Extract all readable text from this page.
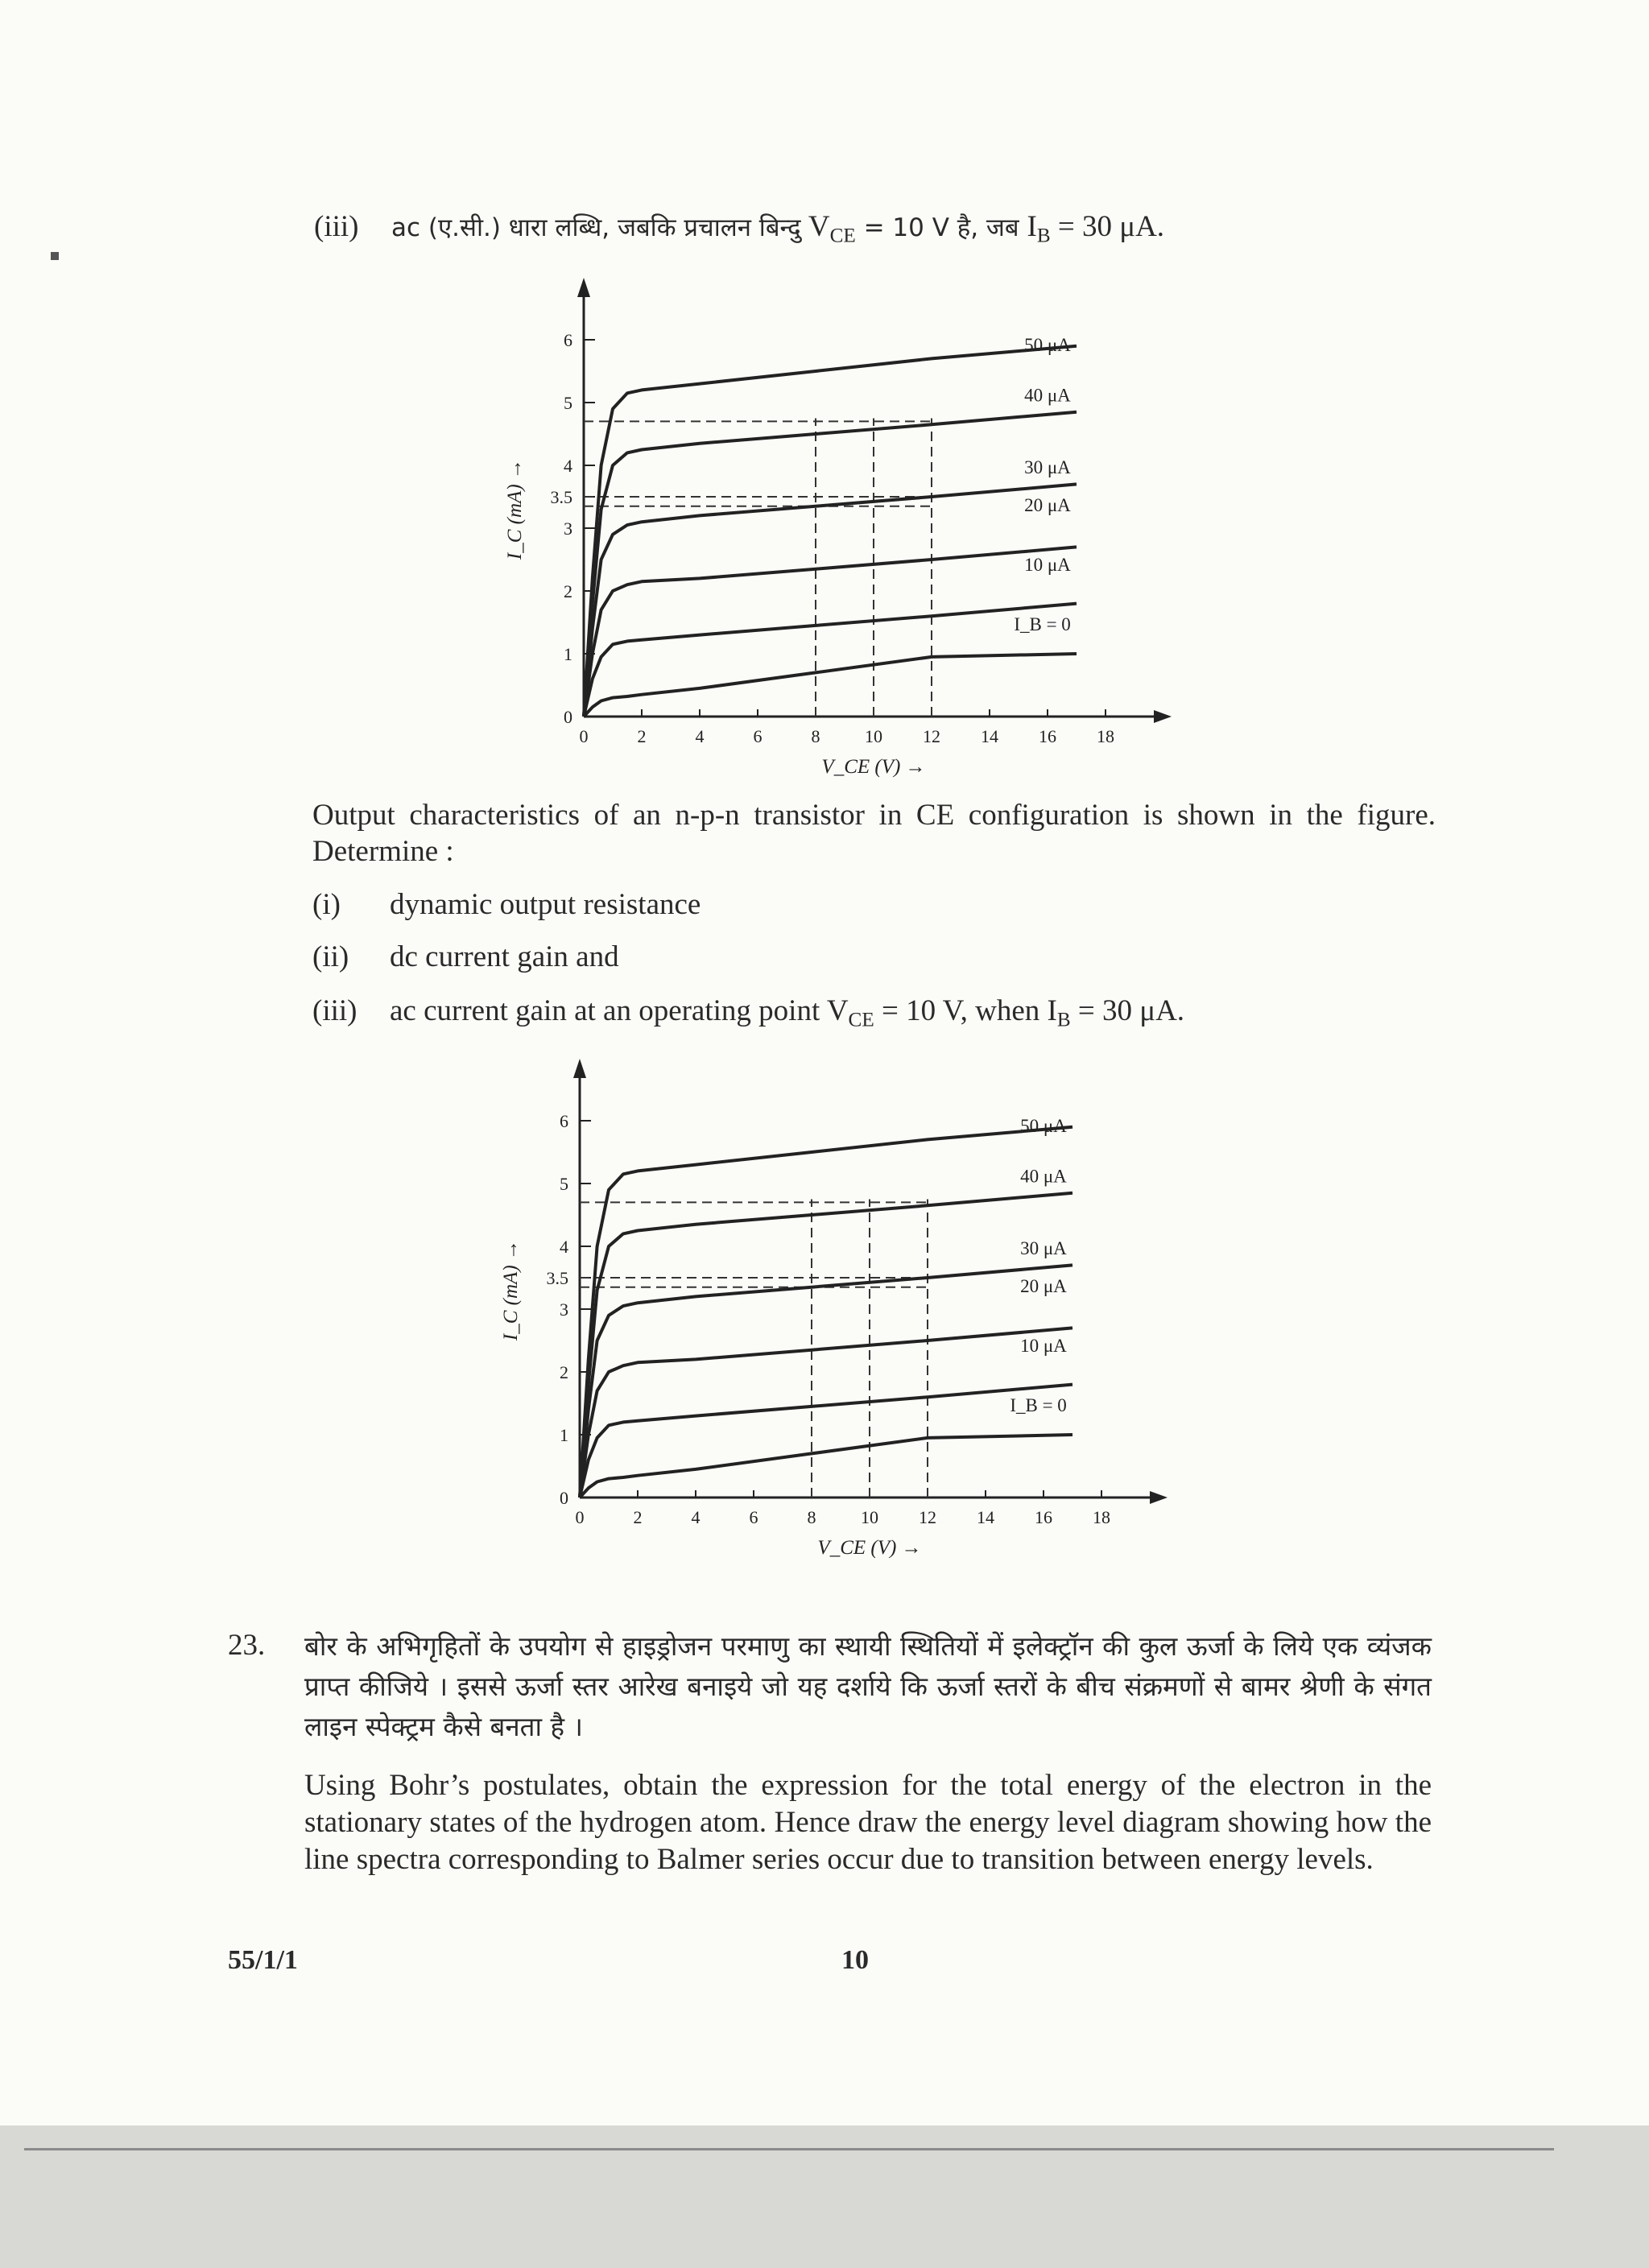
(iii) ac (ए.सी.) धारा लब्धि, जबकि प्रचालन बिन्दु $V_{CE} = 10$ V है, जब $I_B = 30$ μA.
0	2	4	6	8	10 12 14 16 18
0
1
2
3
3.5
4
5
6
V_CE (V) →
I_C (mA) →
50 μA
40 μA
30 μA
20 μA
10 μA
I_B = 0
Output characteristics of an n-p-n transistor in CE configuration is shown in the figure. Determine :
(i) dynamic output resistance
(ii) dc current gain and
(iii) ac current gain at an operating point $V_{CE} = 10$ V, when $I_B = 30$ μA.
0	2	4	6	8	10 12 14 16 18
0
1
2
3
3.5
4
5
6
V_CE (V) →
I_C (mA) →
50 μA
40 μA
30 μA
20 μA
10 μA
I_B = 0
23. बोर के अभिगृहितों के उपयोग से हाइड्रोजन परमाणु का स्थायी स्थितियों में इलेक्ट्रॉन की कुल ऊर्जा के लिये एक व्यंजक प्राप्त कीजिये । इससे ऊर्जा स्तर आरेख बनाइये जो यह दर्शाये कि ऊर्जा स्तरों के बीच संक्रमणों से बामर श्रेणी के संगत लाइन स्पेक्ट्रम कैसे बनता है ।
Using Bohr’s postulates, obtain the expression for the total energy of the electron in the stationary states of the hydrogen atom. Hence draw the energy level diagram showing how the line spectra corresponding to Balmer series occur due to transition between energy levels.
55/1/1	10
